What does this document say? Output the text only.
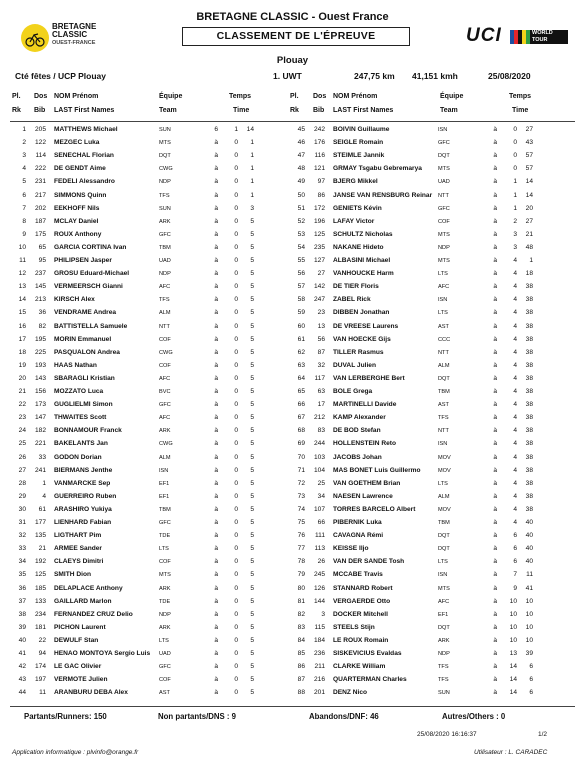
BRETAGNE
CLASSIC
OUEST-FRANCE	UCI	WORLD
TOUR
BRETAGNE CLASSIC - Ouest France
CLASSEMENT DE L'ÉPREUVE
Plouay
Cté fêtes / UCP Plouay	1. UWT	247,75 km 41,151 kmh	25/08/2020
Pl.
Rk
Dos
Bib
NOM Prénom
LAST First Names
Équipe
Team
Temps
Time
Pl.
Rk
Dos
Bib
NOM Prénom
LAST First Names
Équipe
Team
Temps
Time
1	205 MATTHEWS Michael	SUN	6	1	14
2	122 MEZGEC Luka	MTS	à	0	1
3	114 SENECHAL Florian	DQT	à	0	1
4	222 DE GENDT Aime	CWG	à	0	1
5	231 FEDELI Alessandro	NDP	à	0	1
6	217 SIMMONS Quinn	TFS	à	0	1
7	202 EEKHOFF Nils	SUN	à	0	3
8	187 MCLAY Daniel	ARK	à	0	5
9	175 ROUX Anthony	GFC	à	0	5
10	65 GARCIA CORTINA Ivan	TBM	à	0	5
11	95 PHILIPSEN Jasper	UAD	à	0	5
12	237 GROSU Eduard-Michael	NDP	à	0	5
13	145 VERMEERSCH Gianni	AFC	à	0	5
14	213 KIRSCH Alex	TFS	à	0	5
15	36 VENDRAME Andrea	ALM	à	0	5
16	82 BATTISTELLA Samuele	NTT	à	0	5
17	195 MORIN Emmanuel	COF	à	0	5
18	225 PASQUALON Andrea	CWG	à	0	5
19	193 HAAS Nathan	COF	à	0	5
20	143 SBARAGLI Kristian	AFC	à	0	5
21	156 MOZZATO Luca	BVC	à	0	5
22	173 GUGLIELMI Simon	GFC	à	0	5
23	147 THWAITES Scott	AFC	à	0	5
24	182 BONNAMOUR Franck	ARK	à	0	5
25	221 BAKELANTS Jan	CWG	à	0	5
26	33 GODON Dorian	ALM	à	0	5
27	241 BIERMANS Jenthe	ISN	à	0	5
28	1 VANMARCKE Sep	EF1	à	0	5
29	4 GUERREIRO Ruben	EF1	à	0	5
30	61 ARASHIRO Yukiya	TBM	à	0	5
31	177 LIENHARD Fabian	GFC	à	0	5
32	135 LIGTHART Pim	TDE	à	0	5
33	21 ARMEE Sander	LTS	à	0	5
34	192 CLAEYS Dimitri	COF	à	0	5
35	125 SMITH Dion	MTS	à	0	5
36	185 DELAPLACE Anthony	ARK	à	0	5
37	133 GAILLARD Marlon	TDE	à	0	5
38	234 FERNANDEZ CRUZ Delio	NDP	à	0	5
39	181 PICHON Laurent	ARK	à	0	5
40	22 DEWULF Stan	LTS	à	0	5
41	94 HENAO MONTOYA Sergio Luis UAD	à	0	5
42	174 LE GAC Olivier	GFC	à	0	5
43	197 VERMOTE Julien	COF	à	0	5
44	11 ARANBURU DEBA Alex	AST	à	0	5
45	242 BOIVIN Guillaume	ISN	à	0	27
46	176 SEIGLE Romain	GFC	à	0	43
47	116 STEIMLE Jannik	DQT	à	0	57
48	121 GRMAY Tsgabu Gebremarya	MTS	à	0	57
49	97 BJERG Mikkel	UAD	à	1	14
50	86 JANSE VAN RENSBURG Reinar NTT	à	1	14
51	172 GENIETS Kévin	GFC	à	1	20
52	196 LAFAY Victor	COF	à	2	27
53	125 SCHULTZ Nicholas	MTS	à	3	21
54	235 NAKANE Hideto	NDP	à	3	48
55	127 ALBASINI Michael	MTS	à	4	1
56	27 VANHOUCKE Harm	LTS	à	4	18
57	142 DE TIER Floris	AFC	à	4	38
58	247 ZABEL Rick	ISN	à	4	38
59	23 DIBBEN Jonathan	LTS	à	4	38
60	13 DE VREESE Laurens	AST	à	4	38
61	56 VAN HOECKE Gijs	CCC	à	4	38
62	87 TILLER Rasmus	NTT	à	4	38
63	32 DUVAL Julien	ALM	à	4	38
64	117 VAN LERBERGHE Bert	DQT	à	4	38
65	63 BOLE Grega	TBM	à	4	38
66	17 MARTINELLI Davide	AST	à	4	38
67	212 KAMP Alexander	TFS	à	4	38
68	83 DE BOD Stefan	NTT	à	4	38
69	244 HOLLENSTEIN Reto	ISN	à	4	38
70	103 JACOBS Johan	MOV	à	4	38
71	104 MAS BONET Luis Guillermo	MOV	à	4	38
72	25 VAN GOETHEM Brian	LTS	à	4	38
73	34 NAESEN Lawrence	ALM	à	4	38
74	107 TORRES BARCELO Albert	MOV	à	4	38
75	66 PIBERNIK Luka	TBM	à	4	40
76	111 CAVAGNA Rémi	DQT	à	6	40
77	113 KEISSE Iljo	DQT	à	6	40
78	26 VAN DER SANDE Tosh	LTS	à	6	40
79	245 MCCABE Travis	ISN	à	7	11
80	126 STANNARD Robert	MTS	à	9	41
81	144 VERGAERDE Otto	AFC	à	10	10
82	3 DOCKER Mitchell	EF1	à	10	10
83	115 STEELS Stijn	DQT	à	10	10
84	184 LE ROUX Romain	ARK	à	10	10
85	236 SISKEVICIUS Evaldas	NDP	à	13	39
86	211 CLARKE William	TFS	à	14	6
87	216 QUARTERMAN Charles	TFS	à	14	6
88	201 DENZ Nico	SUN	à	14	6
Partants/Runners: 150	Non partants/DNS : 9	Abandons/DNF: 46	Autres/Others : 0
25/08/2020 16:16:37	1/2
Application informatique : plvinfo@orange.fr	Utilisateur : L. CARADEC
